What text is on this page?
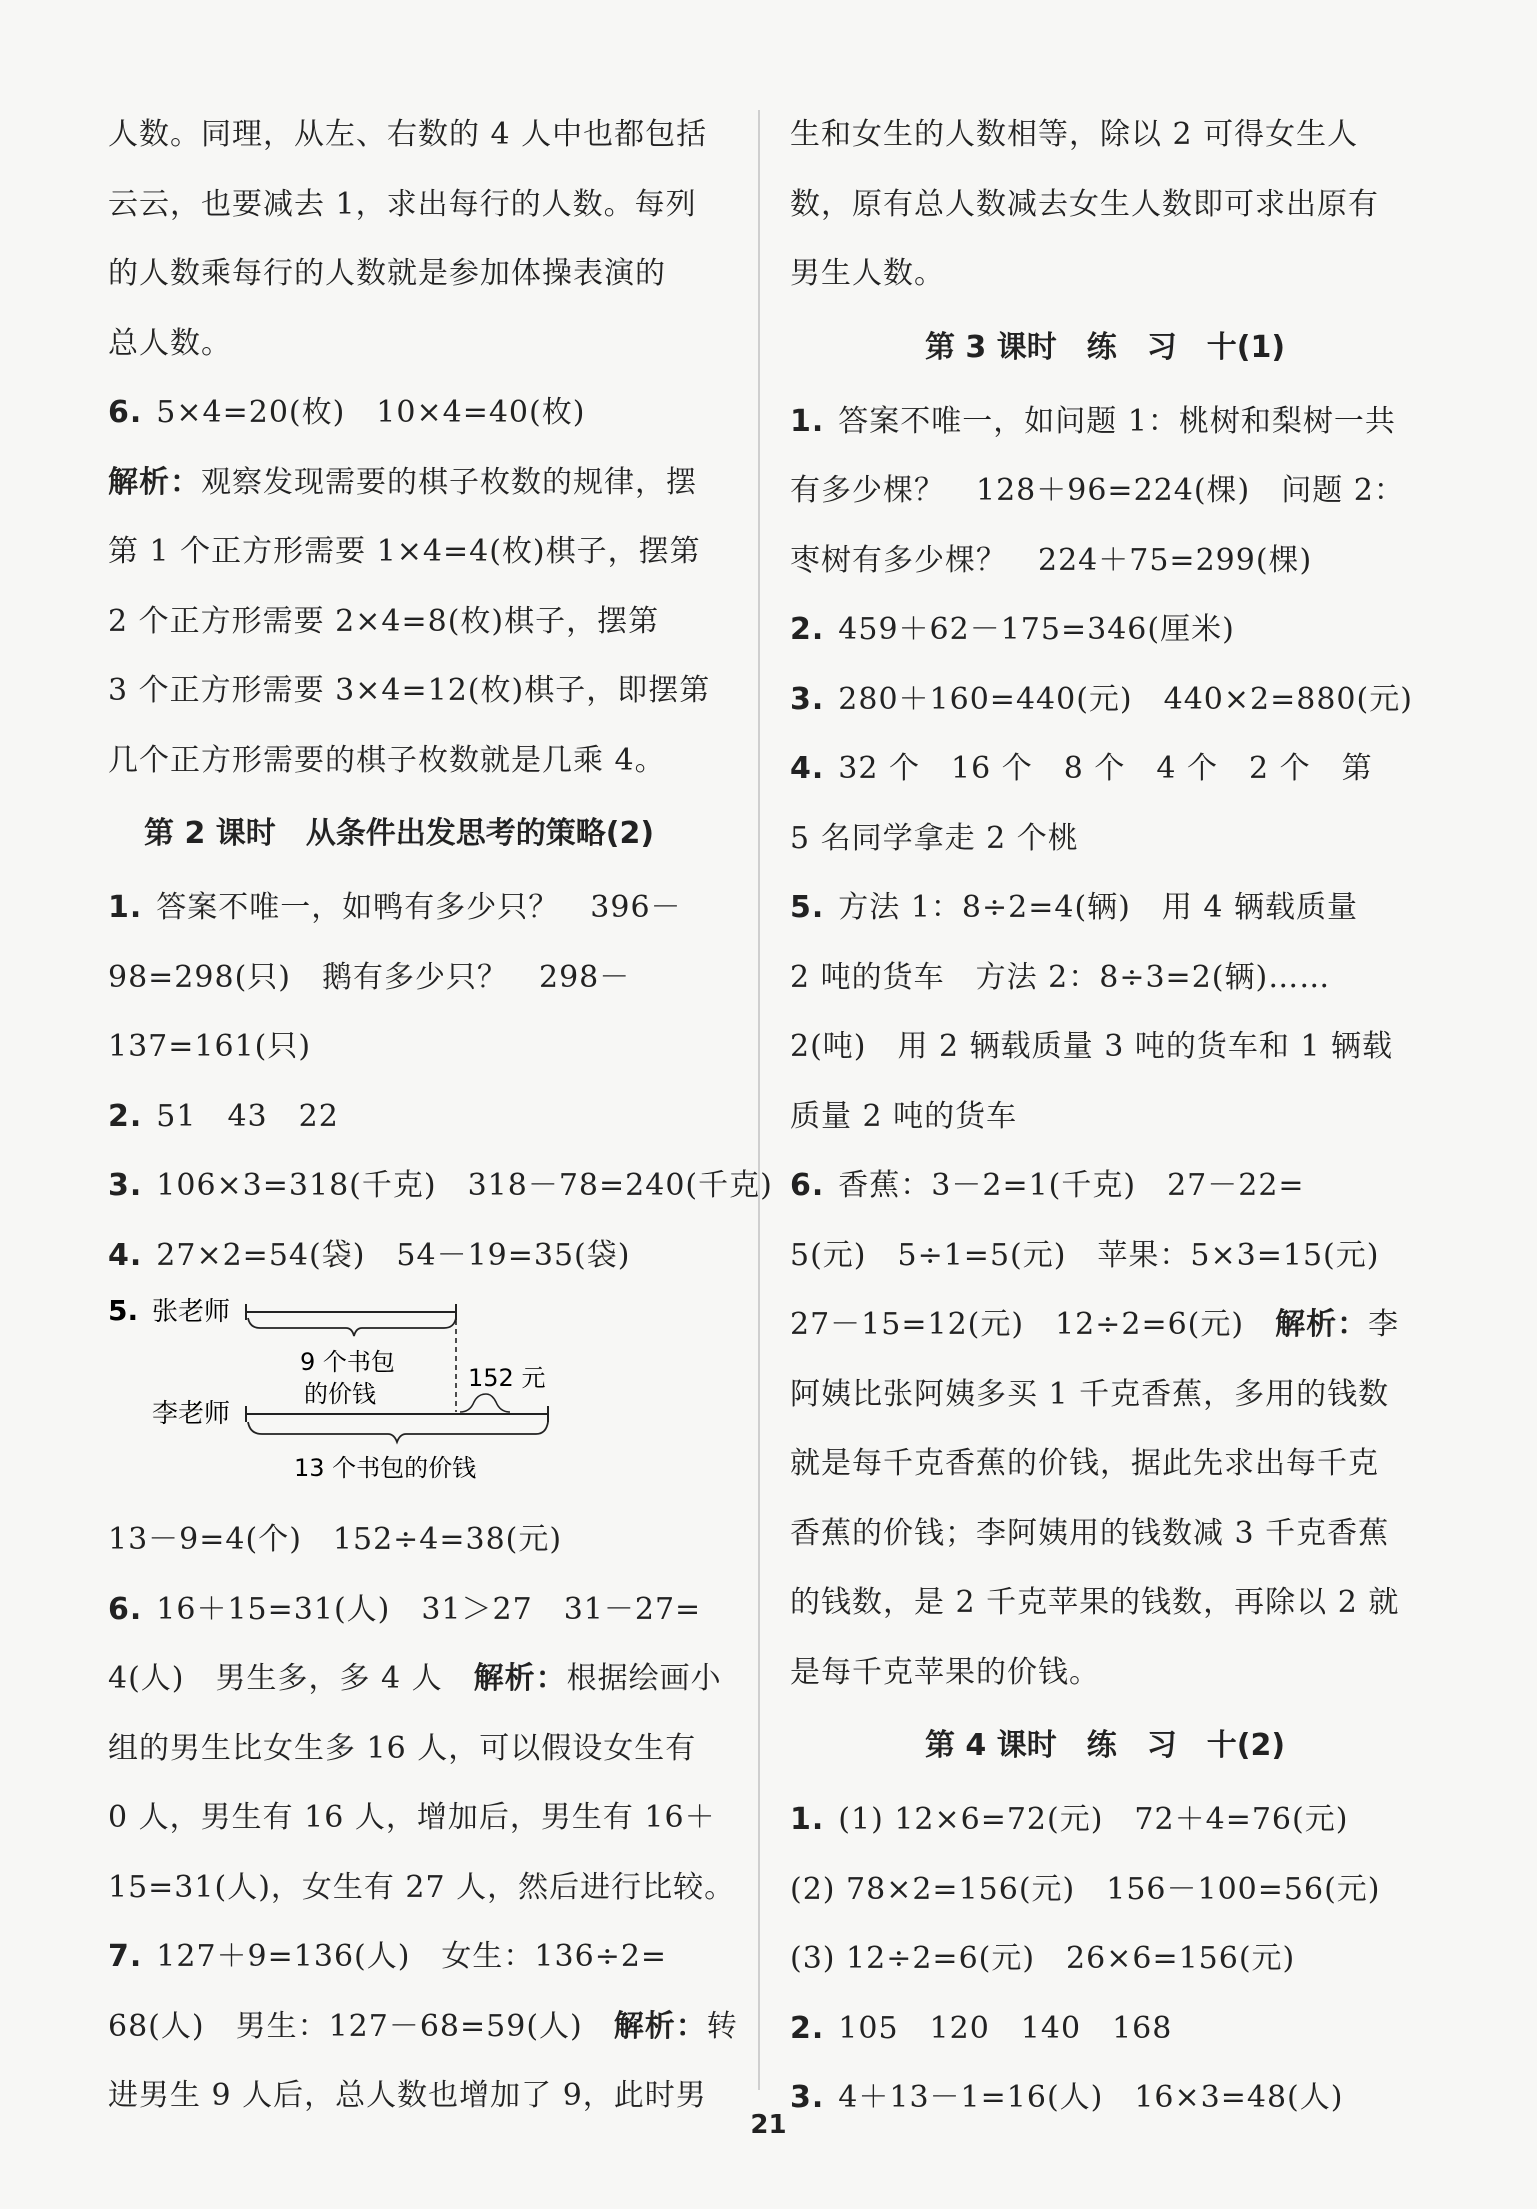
人数。同理，从左、右数的 4 人中也都包括
云云，也要减去 1，求出每行的人数。每列
的人数乘每行的人数就是参加体操表演的
总人数。
6. 5×4=20(枚)　10×4=40(枚)
解析：观察发现需要的棋子枚数的规律，摆
第 1 个正方形需要 1×4=4(枚)棋子，摆第
2 个正方形需要 2×4=8(枚)棋子，摆第
3 个正方形需要 3×4=12(枚)棋子，即摆第
几个正方形需要的棋子枚数就是几乘 4。
第 2 课时　从条件出发思考的策略(2)
1. 答案不唯一，如鸭有多少只？　396－
98=298(只)　鹅有多少只？　298－
137=161(只)
2. 51　43　22
3. 106×3=318(千克)　318－78=240(千克)
4. 27×2=54(袋)　54－19=35(袋)
5. 张老师
9 个书包
的价钱
152 元
李老师
13 个书包的价钱
13－9=4(个)　152÷4=38(元)
6. 16＋15=31(人)　31＞27　31－27=
4(人)　男生多，多 4 人　解析：根据绘画小
组的男生比女生多 16 人，可以假设女生有
0 人，男生有 16 人，增加后，男生有 16＋
15=31(人)，女生有 27 人，然后进行比较。
7. 127＋9=136(人)　女生：136÷2=
68(人)　男生：127－68=59(人)　解析：转
进男生 9 人后，总人数也增加了 9，此时男
生和女生的人数相等，除以 2 可得女生人
数，原有总人数减去女生人数即可求出原有
男生人数。
第 3 课时　练　习　十(1)
1. 答案不唯一，如问题 1：桃树和梨树一共
有多少棵？　128＋96=224(棵)　问题 2：
枣树有多少棵？　224＋75=299(棵)
2. 459＋62－175=346(厘米)
3. 280＋160=440(元)　440×2=880(元)
4. 32 个　16 个　8 个　4 个　2 个　第
5 名同学拿走 2 个桃
5. 方法 1：8÷2=4(辆)　用 4 辆载质量
2 吨的货车　方法 2：8÷3=2(辆)……
2(吨)　用 2 辆载质量 3 吨的货车和 1 辆载
质量 2 吨的货车
6. 香蕉：3－2=1(千克)　27－22=
5(元)　5÷1=5(元)　苹果：5×3=15(元)
27－15=12(元)　12÷2=6(元)　解析：李
阿姨比张阿姨多买 1 千克香蕉，多用的钱数
就是每千克香蕉的价钱，据此先求出每千克
香蕉的价钱；李阿姨用的钱数减 3 千克香蕉
的钱数，是 2 千克苹果的钱数，再除以 2 就
是每千克苹果的价钱。
第 4 课时　练　习　十(2)
1. (1) 12×6=72(元)　72＋4=76(元)
(2) 78×2=156(元)　156－100=56(元)
(3) 12÷2=6(元)　26×6=156(元)
2. 105　120　140　168
3. 4＋13－1=16(人)　16×3=48(人)
21
